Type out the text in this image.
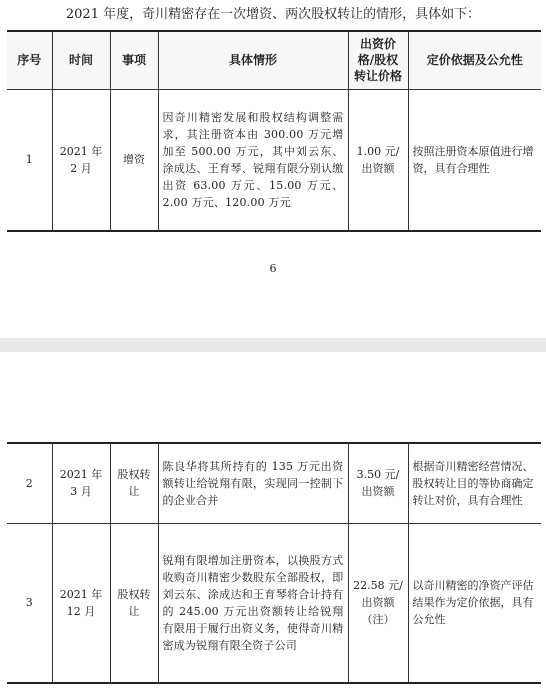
2021 年度，奇川精密存在一次增资、两次股权转让的情形，具体如下：
序号	时间	事项	具体情形	出资价格/股权转让价格	定价依据及公允性
1	2021 年 2 月	增资	因奇川精密发展和股权结构调整需求，其注册资本由 300.00 万元增加至 500.00 万元，其中刘云东、涂成达、王育琴、锐翔有限分别认缴出资 63.00 万元、15.00 万元、2.00 万元、120.00 万元	1.00 元/出资额	按照注册资本原值进行增资，具有合理性
6
2	2021 年 3 月	股权转让	陈良华将其所持有的 135 万元出资额转让给锐翔有限，实现同一控制下的企业合并	3.50 元/出资额	根据奇川精密经营情况、股权转让目的等协商确定转让对价，具有合理性
3	2021 年 12 月	股权转让	锐翔有限增加注册资本，以换股方式收购奇川精密少数股东全部股权，即刘云东、涂成达和王育琴将合计持有的 245.00 万元出资额转让给锐翔有限用于履行出资义务，使得奇川精密成为锐翔有限全资子公司	22.58 元/出资额（注）	以奇川精密的净资产评估结果作为定价依据，具有公允性
